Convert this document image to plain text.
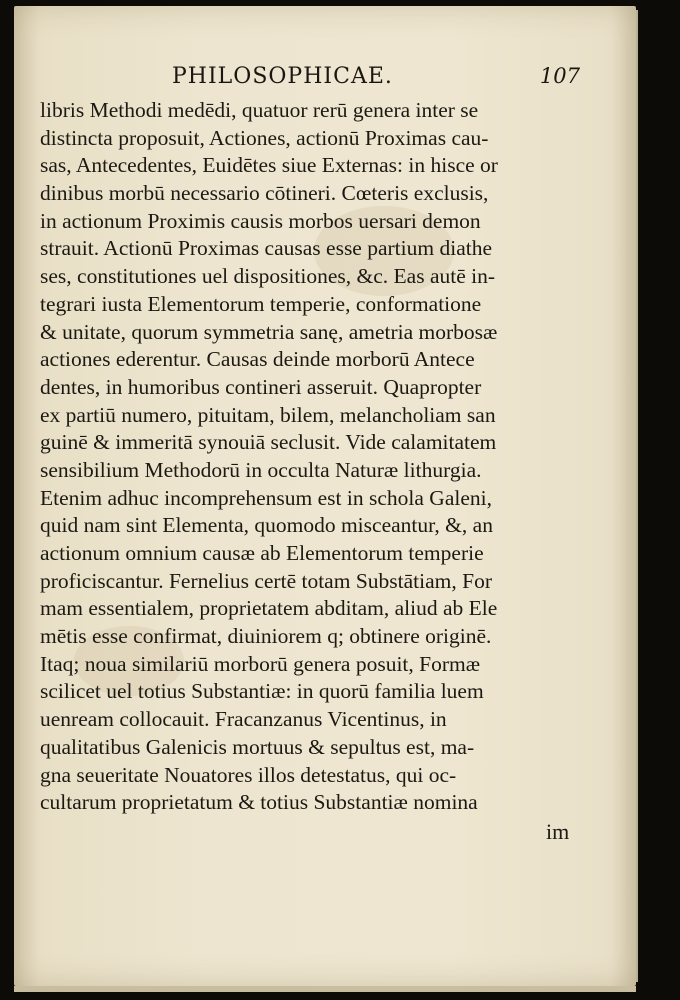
PHILOSOPHICAE.	107
libris Methodi medēdi, quatuor rerū genera inter se
distincta proposuit, Actiones, actionū Proximas cau-
sas, Antecedentes, Euidētes siue Externas: in hisce or
dinibus morbū necessario cōtineri. Cœteris exclusis,
in actionum Proximis causis morbos uersari demon
strauit. Actionū Proximas causas esse partium diathe
ses, constitutiones uel dispositiones, &c. Eas autē in-
tegrari iusta Elementorum temperie, conformatione
& unitate, quorum symmetria sanę, ametria morbosæ
actiones ederentur. Causas deinde morborū Antece
dentes, in humoribus contineri asseruit. Quapropter
ex partiū numero, pituitam, bilem, melancholiam san
guinē & immeritā synouiā seclusit. Vide calamitatem
sensibilium Methodorū in occulta Naturæ lithurgia.
Etenim adhuc incomprehensum est in schola Galeni,
quid nam sint Elementa, quomodo misceantur, &, an
actionum omnium causæ ab Elementorum temperie
proficiscantur. Fernelius certē totam Substātiam, For
mam essentialem, proprietatem abditam, aliud ab Ele
mētis esse confirmat, diuiniorem q; obtinere originē.
Itaq; noua similariū morborū genera posuit, Formæ
scilicet uel totius Substantiæ: in quorū familia luem
uenream collocauit. Fracanzanus Vicentinus, in
qualitatibus Galenicis mortuus & sepultus est, ma-
gna seueritate Nouatores illos detestatus, qui oc-
cultarum proprietatum & totius Substantiæ nomina
im
